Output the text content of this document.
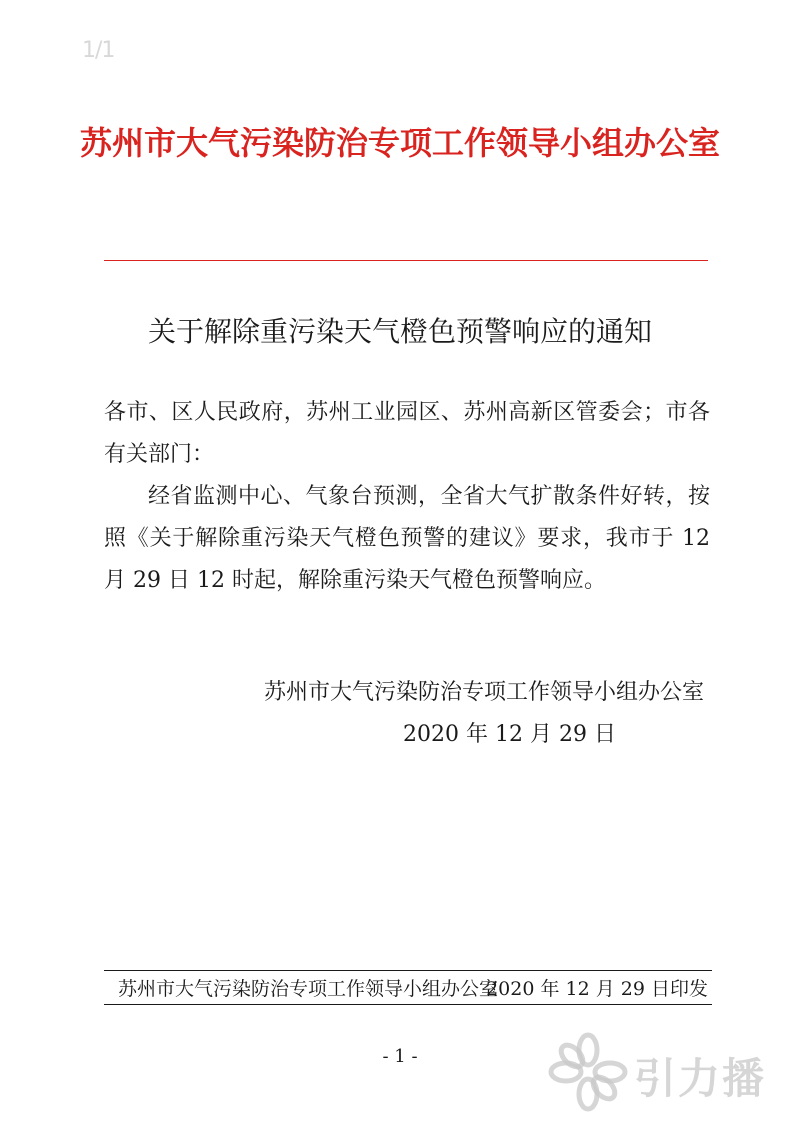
1/1
苏州市大气污染防治专项工作领导小组办公室
关于解除重污染天气橙色预警响应的通知
各市、区人民政府，苏州工业园区、苏州高新区管委会；市各有关部门：
经省监测中心、气象台预测，全省大气扩散条件好转，按照《关于解除重污染天气橙色预警的建议》要求，我市于 12 月 29 日 12 时起，解除重污染天气橙色预警响应。
苏州市大气污染防治专项工作领导小组办公室
2020 年 12 月 29 日
苏州市大气污染防治专项工作领导小组办公室
2020 年 12 月 29 日印发
- 1 -	引力播
